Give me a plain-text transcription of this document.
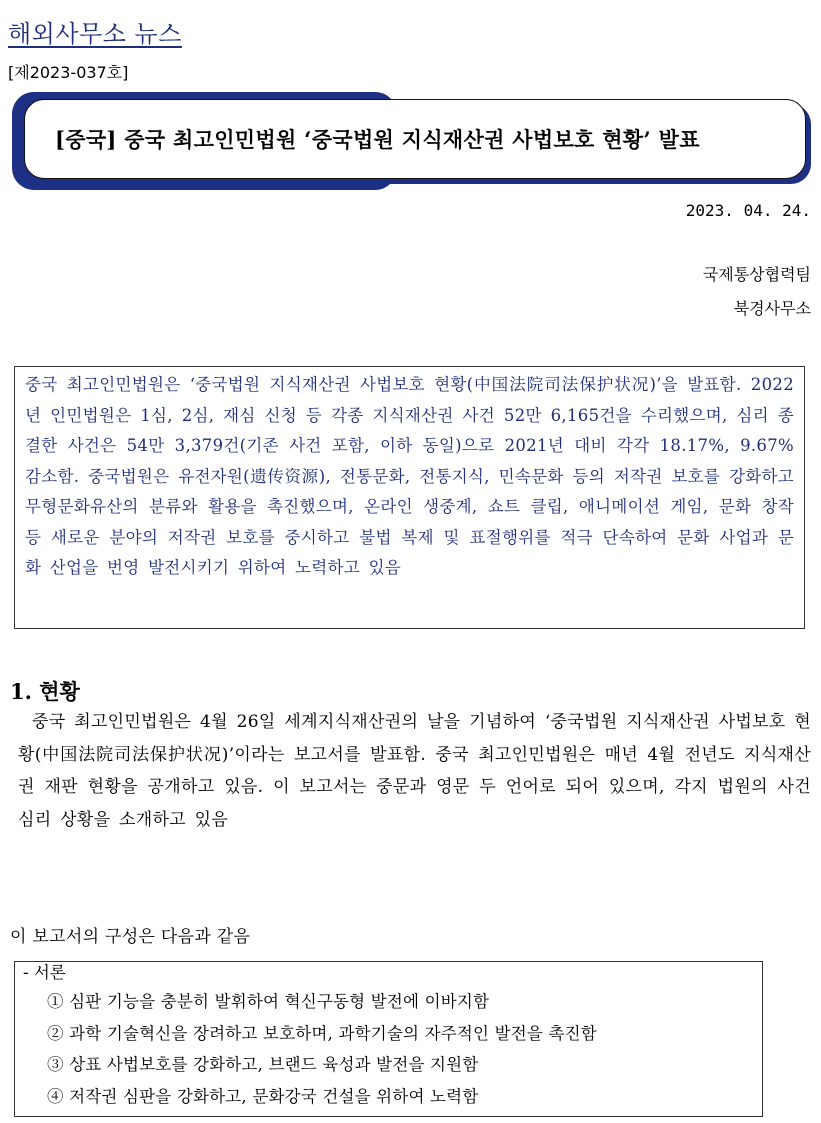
해외사무소 뉴스
[제2023-037호]
[중국] 중국 최고인민법원 ‘중국법원 지식재산권 사법보호 현황’ 발표
2023. 04. 24.
국제통상협력팀
북경사무소
중국 최고인민법원은 ‘중국법원 지식재산권 사법보호 현황(中国法院司法保护状况)’을 발표함. 2022년 인민법원은 1심, 2심, 재심 신청 등 각종 지식재산권 사건 52만 6,165건을 수리했으며, 심리 종결한 사건은 54만 3,379건(기존 사건 포함, 이하 동일)으로 2021년 대비 각각 18.17%, 9.67% 감소함. 중국법원은 유전자원(遗传资源), 전통문화, 전통지식, 민속문화 등의 저작권 보호를 강화하고 무형문화유산의 분류와 활용을 촉진했으며, 온라인 생중계, 쇼트 클립, 애니메이션 게임, 문화 창작 등 새로운 분야의 저작권 보호를 중시하고 불법 복제 및 표절행위를 적극 단속하여 문화 사업과 문화 산업을 번영 발전시키기 위하여 노력하고 있음
1. 현황
중국 최고인민법원은 4월 26일 세계지식재산권의 날을 기념하여 ‘중국법원 지식재산권 사법보호 현황(中国法院司法保护状况)’이라는 보고서를 발표함. 중국 최고인민법원은 매년 4월 전년도 지식재산권 재판 현황을 공개하고 있음. 이 보고서는 중문과 영문 두 언어로 되어 있으며, 각지 법원의 사건 심리 상황을 소개하고 있음
이 보고서의 구성은 다음과 같음
- 서론
① 심판 기능을 충분히 발휘하여 혁신구동형 발전에 이바지함
② 과학 기술혁신을 장려하고 보호하며, 과학기술의 자주적인 발전을 촉진함
③ 상표 사법보호를 강화하고, 브랜드 육성과 발전을 지원함
④ 저작권 심판을 강화하고, 문화강국 건설을 위하여 노력함
